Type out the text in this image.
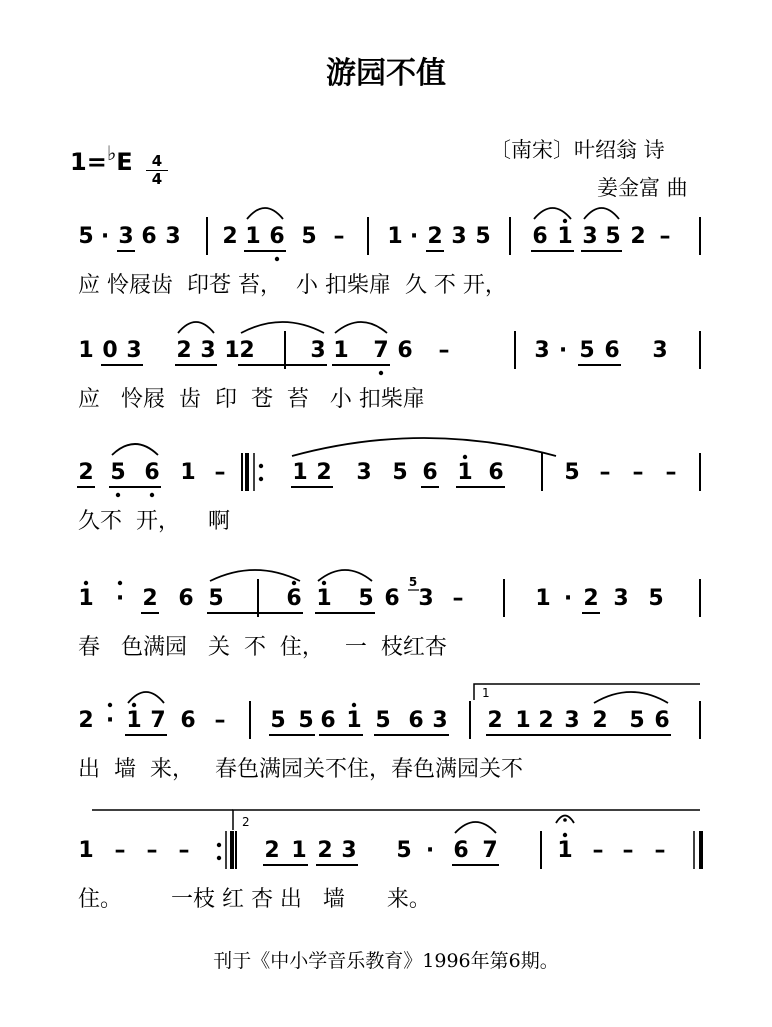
游园不值
〔南宋〕叶绍翁 诗
姜金富 曲
1=♭E	4
4
5 · 3 6 3 2 1 6 5 – 1 · 2 3 5 6 1 3 5 2 –
应 怜屐齿  印苍 苔，  小 扣柴扉  久 不 开，
1 0 3 2 3 1 2	3 1 7 6 –	3 · 5 6 3
应   怜屐  齿  印  苍  苔   小 扣柴扉
2 5 6 1 –	1 2 3 5 6 1 6	5 – – –
久不  开，    啊
1 · 2 6 5	6 1 5 6 3 –	1 · 2 3 5
春   色满园   关  不  住，   一  枝红杏
2 · 1 7 6 – 5 5 6 1 5 6 3 2 1 2 3 2 5 6
出  墙  来，   春色满园关不住，春色满园关不
1 – – –	2 1 2 3 5 · 6 7	1 – – –
住。       一枝 红 杏 出   墙      来。
5
1
2
刊于《中小学音乐教育》1996年第6期。
